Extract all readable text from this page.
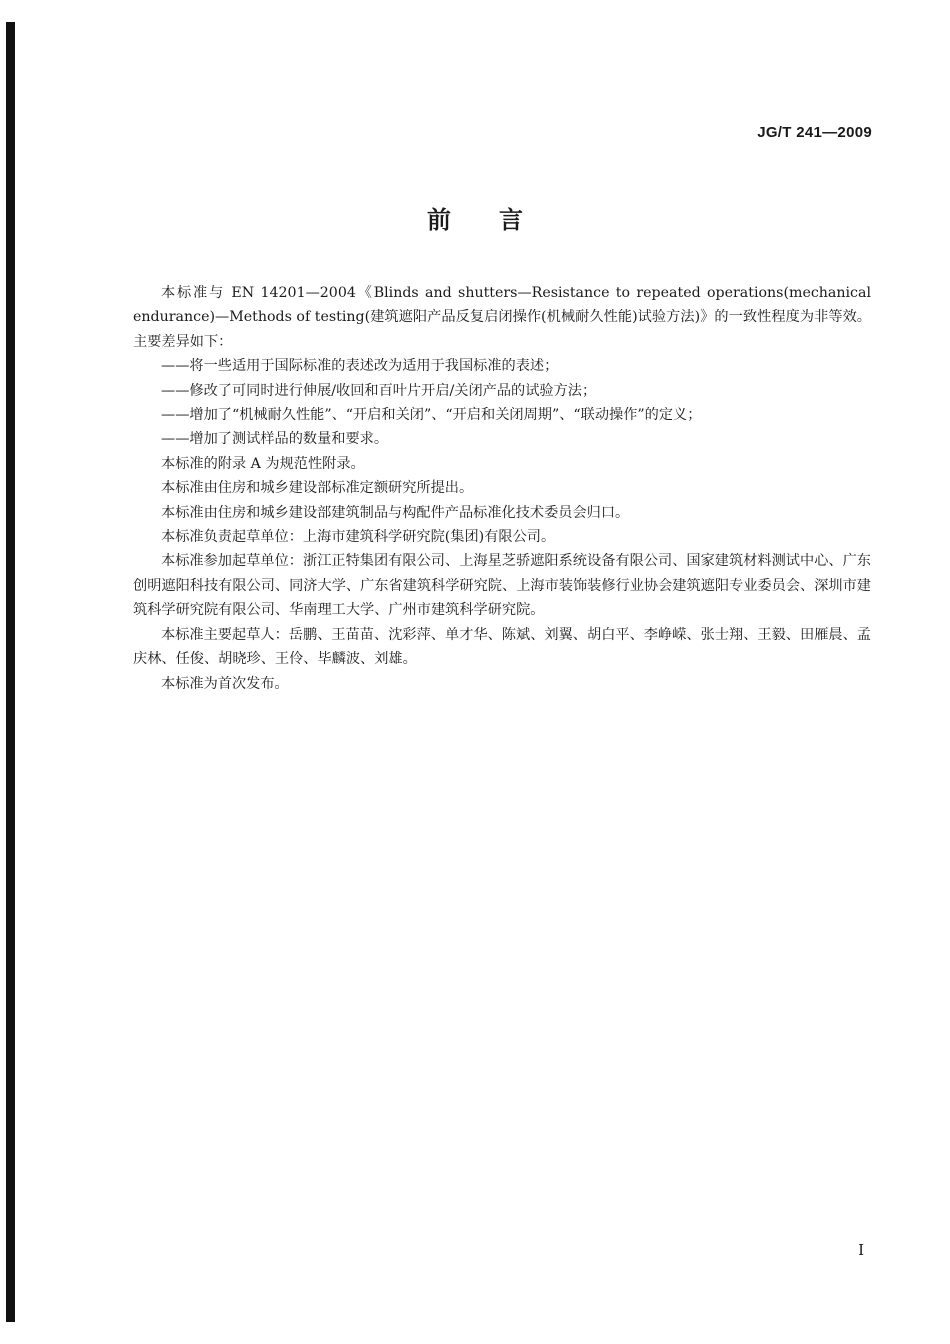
JG/T 241—2009
前言

本标准与 EN 14201—2004《Blinds and shutters—Resistance to repeated operations(mechanical endurance)—Methods of testing(建筑遮阳产品反复启闭操作(机械耐久性能)试验方法)》的一致性程度为非等效。主要差异如下：

——将一些适用于国际标准的表述改为适用于我国标准的表述；

——修改了可同时进行伸展/收回和百叶片开启/关闭产品的试验方法；

——增加了“机械耐久性能”、“开启和关闭”、“开启和关闭周期”、“联动操作”的定义；

——增加了测试样品的数量和要求。

本标准的附录 A 为规范性附录。

本标准由住房和城乡建设部标准定额研究所提出。

本标准由住房和城乡建设部建筑制品与构配件产品标准化技术委员会归口。

本标准负责起草单位：上海市建筑科学研究院(集团)有限公司。

本标准参加起草单位：浙江正特集团有限公司、上海星芝骄遮阳系统设备有限公司、国家建筑材料测试中心、广东创明遮阳科技有限公司、同济大学、广东省建筑科学研究院、上海市装饰装修行业协会建筑遮阳专业委员会、深圳市建筑科学研究院有限公司、华南理工大学、广州市建筑科学研究院。

本标准主要起草人：岳鹏、王苗苗、沈彩萍、单才华、陈斌、刘翼、胡白平、李峥嵘、张士翔、王毅、田雁晨、孟庆林、任俊、胡晓珍、王伶、毕麟波、刘雄。

本标准为首次发布。

I
